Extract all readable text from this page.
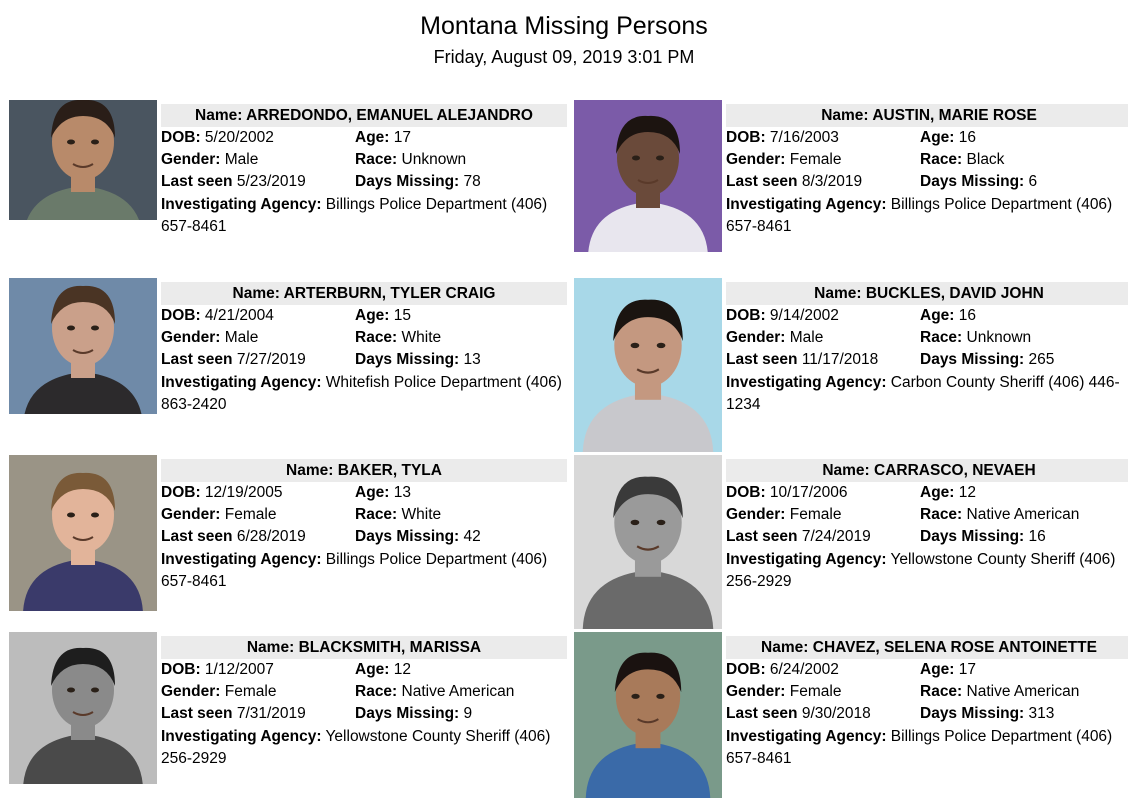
Montana Missing Persons
Friday, August 09, 2019 3:01 PM
Name: ARREDONDO, EMANUEL ALEJANDRO
DOB: 5/20/2002	Age: 17
Gender: Male	Race: Unknown
Last seen 5/23/2019	Days Missing: 78
Investigating Agency: Billings Police Department (406) 657-8461
Name: AUSTIN, MARIE ROSE
DOB: 7/16/2003	Age: 16
Gender: Female	Race: Black
Last seen 8/3/2019	Days Missing: 6
Investigating Agency: Billings Police Department (406) 657-8461
Name: ARTERBURN, TYLER CRAIG
DOB: 4/21/2004	Age: 15
Gender: Male	Race: White
Last seen 7/27/2019	Days Missing: 13
Investigating Agency: Whitefish Police Department (406) 863-2420
Name: BUCKLES, DAVID JOHN
DOB: 9/14/2002	Age: 16
Gender: Male	Race: Unknown
Last seen 11/17/2018	Days Missing: 265
Investigating Agency: Carbon County Sheriff (406) 446-1234
Name: BAKER, TYLA
DOB: 12/19/2005	Age: 13
Gender: Female	Race: White
Last seen 6/28/2019	Days Missing: 42
Investigating Agency: Billings Police Department (406) 657-8461
Name: CARRASCO, NEVAEH
DOB: 10/17/2006	Age: 12
Gender: Female	Race: Native American
Last seen 7/24/2019	Days Missing: 16
Investigating Agency: Yellowstone County Sheriff (406) 256-2929
Name: BLACKSMITH, MARISSA
DOB: 1/12/2007	Age: 12
Gender: Female	Race: Native American
Last seen 7/31/2019	Days Missing: 9
Investigating Agency: Yellowstone County Sheriff (406) 256-2929
Name: CHAVEZ, SELENA ROSE ANTOINETTE
DOB: 6/24/2002	Age: 17
Gender: Female	Race: Native American
Last seen 9/30/2018	Days Missing: 313
Investigating Agency: Billings Police Department (406) 657-8461
